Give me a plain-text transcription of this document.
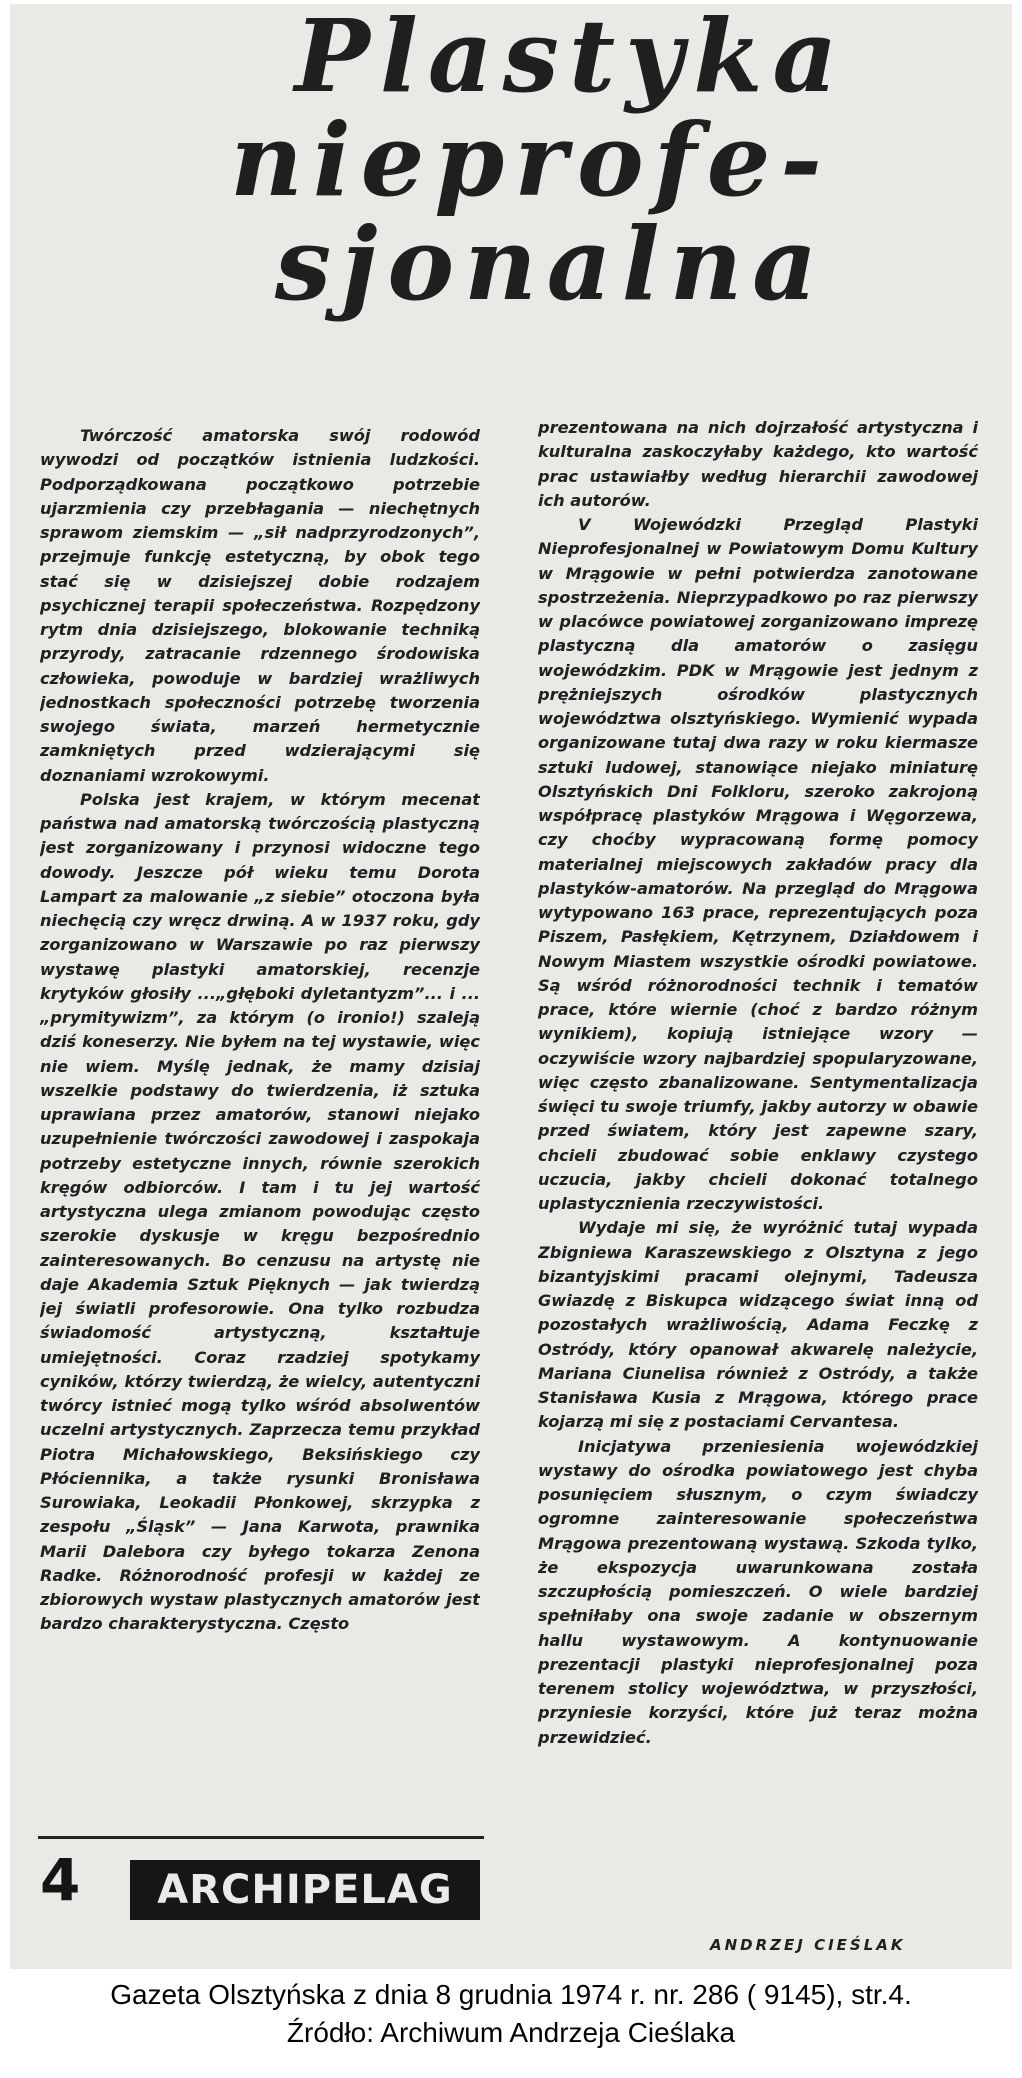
Plastyka
nieprofe-
sjonalna

Twórczość amatorska swój rodowód wywodzi od początków istnienia ludzkości. Podporządkowana początkowo potrzebie ujarzmienia czy przebłagania — niechętnych sprawom ziemskim — „sił nadprzyrodzonych”, przejmuje funkcję estetyczną, by obok tego stać się w dzisiejszej dobie rodzajem psychicznej terapii społeczeństwa. Rozpędzony rytm dnia dzisiejszego, blokowanie techniką przyrody, zatracanie rdzennego środowiska człowieka, powoduje w bardziej wrażliwych jednostkach społeczności potrzebę tworzenia swojego świata, marzeń hermetycznie zamkniętych przed wdzierającymi się doznaniami wzrokowymi.

Polska jest krajem, w którym mecenat państwa nad amatorską twórczością plastyczną jest zorganizowany i przynosi widoczne tego dowody. Jeszcze pół wieku temu Dorota Lampart za malowanie „z siebie” otoczona była niechęcią czy wręcz drwiną. A w 1937 roku, gdy zorganizowano w Warszawie po raz pierwszy wystawę plastyki amatorskiej, recenzje krytyków głosiły ...„głęboki dyletantyzm”... i ...„prymitywizm”, za którym (o ironio!) szaleją dziś koneserzy. Nie byłem na tej wystawie, więc nie wiem. Myślę jednak, że mamy dzisiaj wszelkie podstawy do twierdzenia, iż sztuka uprawiana przez amatorów, stanowi niejako uzupełnienie twórczości zawodowej i zaspokaja potrzeby estetyczne innych, równie szerokich kręgów odbiorców. I tam i tu jej wartość artystyczna ulega zmianom powodując często szerokie dyskusje w kręgu bezpośrednio zainteresowanych. Bo cenzusu na artystę nie daje Akademia Sztuk Pięknych — jak twierdzą jej światli profesorowie. Ona tylko rozbudza świadomość artystyczną, kształtuje umiejętności. Coraz rzadziej spotykamy cyników, którzy twierdzą, że wielcy, autentyczni twórcy istnieć mogą tylko wśród absolwentów uczelni artystycznych. Zaprzecza temu przykład Piotra Michałowskiego, Beksińskiego czy Płóciennika, a także rysunki Bronisława Surowiaka, Leokadii Płonkowej, skrzypka z zespołu „Śląsk” — Jana Karwota, prawnika Marii Dalebora czy byłego tokarza Zenona Radke. Różnorodność profesji w każdej ze zbiorowych wystaw plastycznych amatorów jest bardzo charakterystyczna. Często

prezentowana na nich dojrzałość artystyczna i kulturalna zaskoczyłaby każdego, kto wartość prac ustawiałby według hierarchii zawodowej ich autorów.

V Wojewódzki Przegląd Plastyki Nieprofesjonalnej w Powiatowym Domu Kultury w Mrągowie w pełni potwierdza zanotowane spostrzeżenia. Nieprzypadkowo po raz pierwszy w placówce powiatowej zorganizowano imprezę plastyczną dla amatorów o zasięgu wojewódzkim. PDK w Mrągowie jest jednym z prężniejszych ośrodków plastycznych województwa olsztyńskiego. Wymienić wypada organizowane tutaj dwa razy w roku kiermasze sztuki ludowej, stanowiące niejako miniaturę Olsztyńskich Dni Folkloru, szeroko zakrojoną współpracę plastyków Mrągowa i Węgorzewa, czy choćby wypracowaną formę pomocy materialnej miejscowych zakładów pracy dla plastyków-amatorów. Na przegląd do Mrągowa wytypowano 163 prace, reprezentujących poza Piszem, Pasłękiem, Kętrzynem, Działdowem i Nowym Miastem wszystkie ośrodki powiatowe. Są wśród różnorodności technik i tematów prace, które wiernie (choć z bardzo różnym wynikiem), kopiują istniejące wzory — oczywiście wzory najbardziej spopularyzowane, więc często zbanalizowane. Sentymentalizacja święci tu swoje triumfy, jakby autorzy w obawie przed światem, który jest zapewne szary, chcieli zbudować sobie enklawy czystego uczucia, jakby chcieli dokonać totalnego uplastycznienia rzeczywistości.

Wydaje mi się, że wyróżnić tutaj wypada Zbigniewa Karaszewskiego z Olsztyna z jego bizantyjskimi pracami olejnymi, Tadeusza Gwiazdę z Biskupca widzącego świat inną od pozostałych wrażliwością, Adama Feczkę z Ostródy, który opanował akwarelę należycie, Mariana Ciunelisa również z Ostródy, a także Stanisława Kusia z Mrągowa, którego prace kojarzą mi się z postaciami Cervantesa.

Inicjatywa przeniesienia wojewódzkiej wystawy do ośrodka powiatowego jest chyba posunięciem słusznym, o czym świadczy ogromne zainteresowanie społeczeństwa Mrągowa prezentowaną wystawą. Szkoda tylko, że ekspozycja uwarunkowana została szczupłością pomieszczeń. O wiele bardziej spełniłaby ona swoje zadanie w obszernym hallu wystawowym. A kontynuowanie prezentacji plastyki nieprofesjonalnej poza terenem stolicy województwa, w przyszłości, przyniesie korzyści, które już teraz można przewidzieć.

4	ARCHIPELAG
ANDRZEJ CIEŚLAK
Gazeta Olsztyńska z dnia 8 grudnia 1974 r. nr. 286 ( 9145), str.4.
Źródło: Archiwum Andrzeja Cieślaka
